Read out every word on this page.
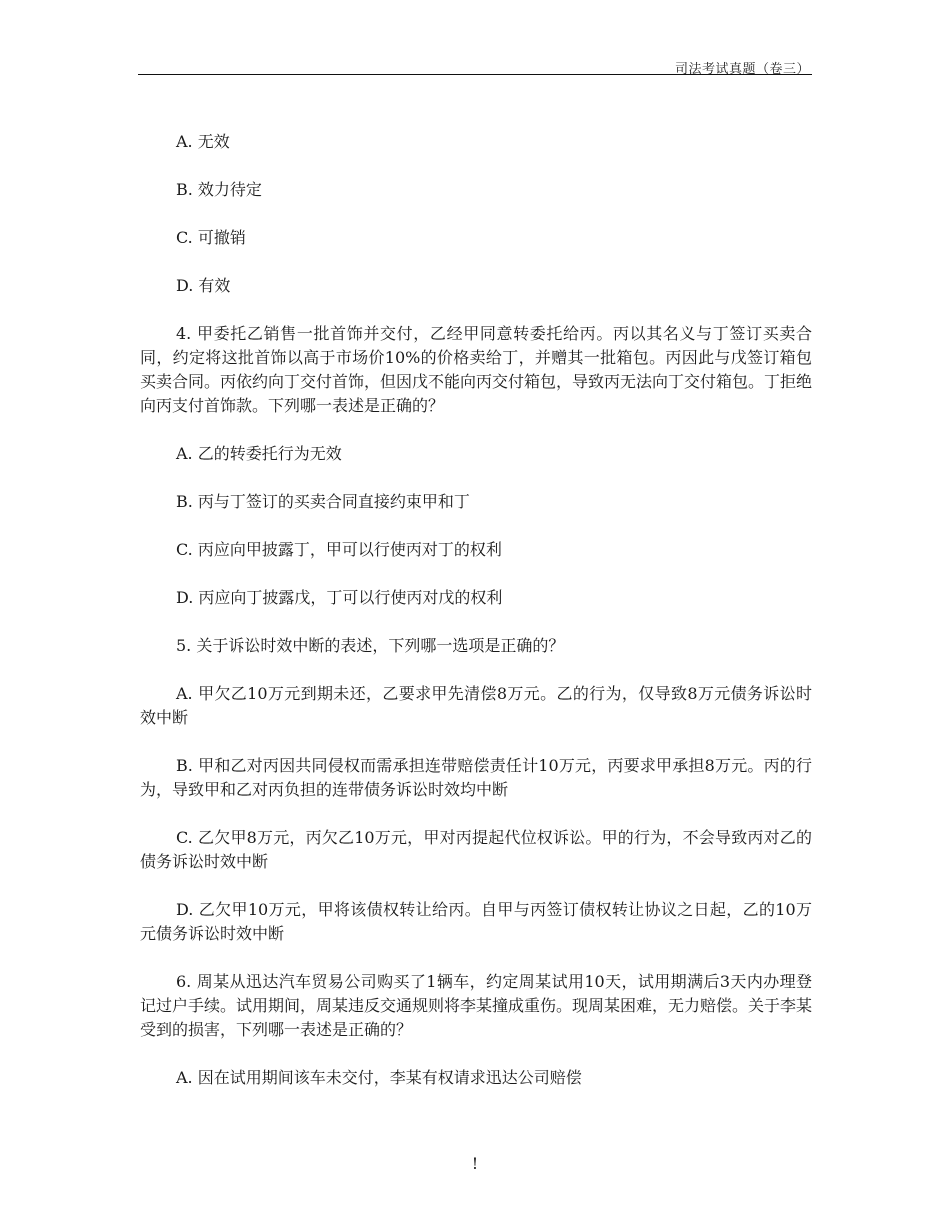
司法考试真题（卷三）

A. 无效

B. 效力待定

C. 可撤销

D. 有效

4. 甲委托乙销售一批首饰并交付，乙经甲同意转委托给丙。丙以其名义与丁签订买卖合同，约定将这批首饰以高于市场价10%的价格卖给丁，并赠其一批箱包。丙因此与戊签订箱包买卖合同。丙依约向丁交付首饰，但因戊不能向丙交付箱包，导致丙无法向丁交付箱包。丁拒绝向丙支付首饰款。下列哪一表述是正确的？

A. 乙的转委托行为无效

B. 丙与丁签订的买卖合同直接约束甲和丁

C. 丙应向甲披露丁，甲可以行使丙对丁的权利

D. 丙应向丁披露戊，丁可以行使丙对戊的权利

5. 关于诉讼时效中断的表述，下列哪一选项是正确的？

A. 甲欠乙10万元到期未还，乙要求甲先清偿8万元。乙的行为，仅导致8万元债务诉讼时效中断

B. 甲和乙对丙因共同侵权而需承担连带赔偿责任计10万元，丙要求甲承担8万元。丙的行为，导致甲和乙对丙负担的连带债务诉讼时效均中断

C. 乙欠甲8万元，丙欠乙10万元，甲对丙提起代位权诉讼。甲的行为，不会导致丙对乙的债务诉讼时效中断

D. 乙欠甲10万元，甲将该债权转让给丙。自甲与丙签订债权转让协议之日起，乙的10万元债务诉讼时效中断

6. 周某从迅达汽车贸易公司购买了1辆车，约定周某试用10天，试用期满后3天内办理登记过户手续。试用期间，周某违反交通规则将李某撞成重伤。现周某困难，无力赔偿。关于李某受到的损害，下列哪一表述是正确的？

A. 因在试用期间该车未交付，李某有权请求迅达公司赔偿

!
